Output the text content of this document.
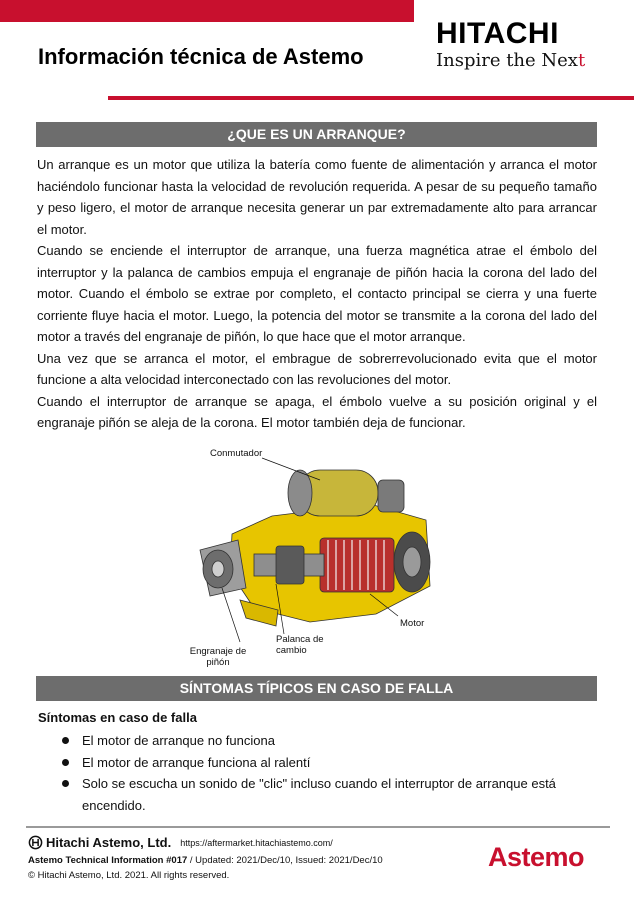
Información técnica de Astemo
HITACHI
Inspire the Next
¿QUE ES UN ARRANQUE?

Un arranque es un motor que utiliza la batería como fuente de alimentación y arranca el motor haciéndolo funcionar hasta la velocidad de revolución requerida. A pesar de su pequeño tamaño y peso ligero, el motor de arranque necesita generar un par extremadamente alto para arrancar el motor.

Cuando se enciende el interruptor de arranque, una fuerza magnética atrae el émbolo del interruptor y la palanca de cambios empuja el engranaje de piñón hacia la corona del lado del motor. Cuando el émbolo se extrae por completo, el contacto principal se cierra y una fuerte corriente fluye hacia el motor. Luego, la potencia del motor se transmite a la corona del lado del motor a través del engranaje de piñón, lo que hace que el motor arranque.

Una vez que se arranca el motor, el embrague de sobrerrevolucionado evita que el motor funcione a alta velocidad interconectado con las revoluciones del motor.

Cuando el interruptor de arranque se apaga, el émbolo vuelve a su posición original y el engranaje piñón se aleja de la corona. El motor también deja de funcionar.

Conmutador
Motor
Palanca de cambio
Engranaje de piñón
SÍNTOMAS TÍPICOS EN CASO DE FALLA
Síntomas en caso de falla
El motor de arranque no funciona
El motor de arranque funciona al ralentí
Solo se escucha un sonido de "clic" incluso cuando el interruptor de arranque está encendido.
Hitachi Astemo, Ltd. https://aftermarket.hitachiastemo.com/
Astemo Technical Information #017 / Updated: 2021/Dec/10, Issued: 2021/Dec/10
© Hitachi Astemo, Ltd. 2021. All rights reserved.
Astemo
